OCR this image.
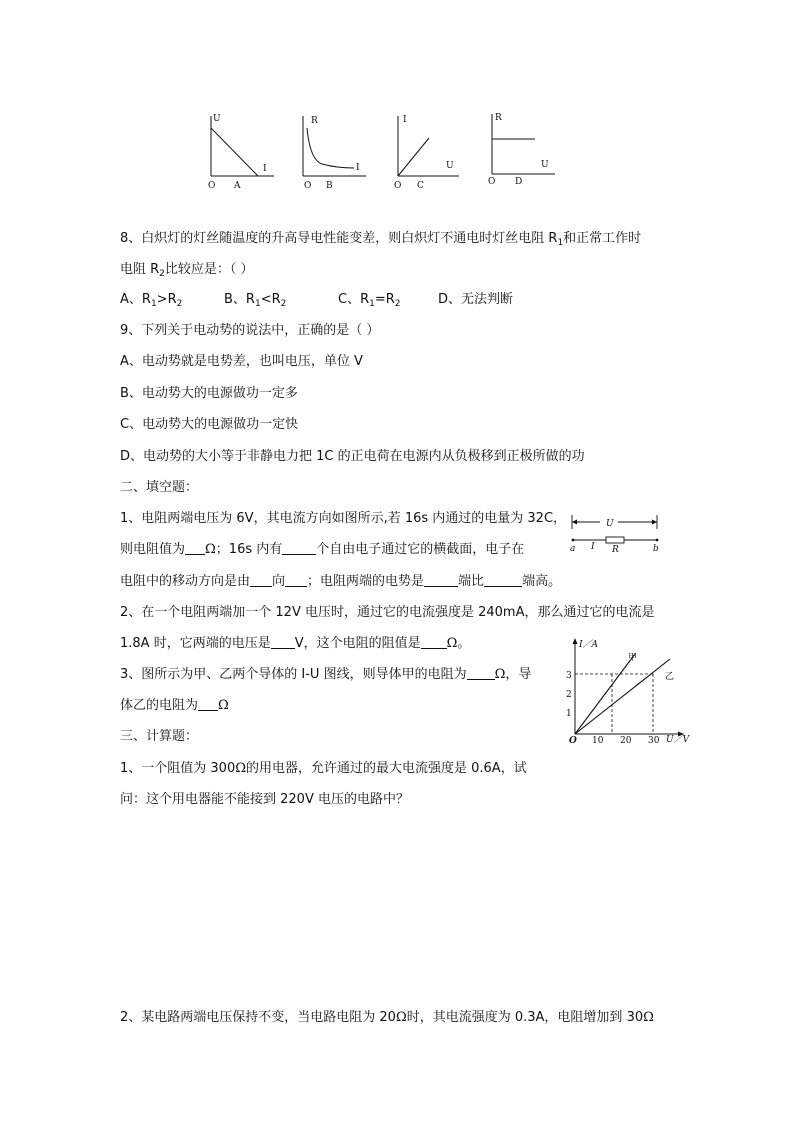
U
I
O A
R
I
O B
I
U
O C
R
U
O D
8、白炽灯的灯丝随温度的升高导电性能变差，则白炽灯不通电时灯丝电阻 $R_1$和正常工作时
电阻 $R_2$比较应是：（ ）
A、$R_1>R_2$	B、$R_1<R_2$	C、$R_1=R_2$	D、无法判断
9、下列关于电动势的说法中，正确的是（ ）
A、电动势就是电势差，也叫电压，单位 V
B、电动势大的电源做功一定多
C、电动势大的电源做功一定快
D、电动势的大小等于非静电力把 1C 的正电荷在电源内从负极移到正极所做的功
二、填空题：
1、电阻两端电压为 6V，其电流方向如图所示,若 16s 内通过的电量为 32C，
则电阻值为 Ω；16s 内有	个自由电子通过它的横截面，电子在
电阻中的移动方向是由 向 ；电阻两端的电势是	端比	端高。
U
a I R	b
2、在一个电阻两端加一个 12V 电压时，通过它的电流强度是 240mA，那么通过它的电流是
1.8A 时，它两端的电压是 V，这个电阻的阻值是 Ω。
3、图所示为甲、乙两个导体的 I-U 图线，则导体甲的电阻为 Ω，导
体乙的电阻为 Ω
I／A
U／V
O
1
2
3
10 20 30
甲
乙
三、计算题：
1、一个阻值为 300Ω的用电器，允许通过的最大电流强度是 0.6A，试
问：这个用电器能不能接到 220V 电压的电路中？
2、某电路两端电压保持不变，当电路电阻为 20Ω时，其电流强度为 0.3A，电阻增加到 30Ω
